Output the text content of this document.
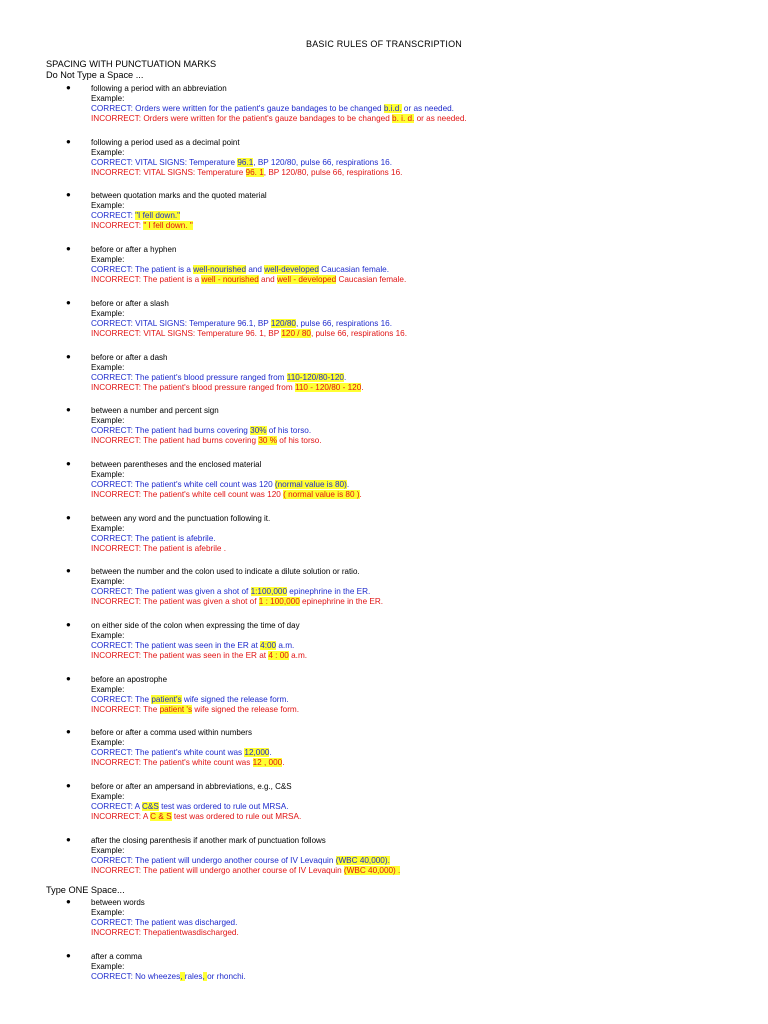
BASIC RULES OF TRANSCRIPTION
SPACING WITH PUNCTUATION MARKS
Do Not Type a Space ...
●	following a period with an abbreviation
Example:
CORRECT: Orders were written for the patient's gauze bandages to be changed b.i.d. or as needed.
INCORRECT: Orders were written for the patient's gauze bandages to be changed b. i. d. or as needed.
●	following a period used as a decimal point
Example:
CORRECT: VITAL SIGNS: Temperature 96.1, BP 120/80, pulse 66, respirations 16.
INCORRECT: VITAL SIGNS: Temperature 96. 1, BP 120/80, pulse 66, respirations 16.
●	between quotation marks and the quoted material
Example:
CORRECT: "I fell down."
INCORRECT: " I fell down. "
●	before or after a hyphen
Example:
CORRECT: The patient is a well-nourished and well-developed Caucasian female.
INCORRECT: The patient is a well - nourished and well - developed Caucasian female.
●	before or after a slash
Example:
CORRECT: VITAL SIGNS: Temperature 96.1, BP 120/80, pulse 66, respirations 16.
INCORRECT: VITAL SIGNS: Temperature 96. 1, BP 120 / 80, pulse 66, respirations 16.
●	before or after a dash
Example:
CORRECT: The patient's blood pressure ranged from 110-120/80-120.
INCORRECT: The patient's blood pressure ranged from 110 - 120/80 - 120.
●	between a number and percent sign
Example:
CORRECT: The patient had burns covering 30% of his torso.
INCORRECT: The patient had burns covering 30 % of his torso.
●	between parentheses and the enclosed material
Example:
CORRECT: The patient's white cell count was 120 (normal value is 80).
INCORRECT: The patient's white cell count was 120 ( normal value is 80 ).
●	between any word and the punctuation following it.
Example:
CORRECT: The patient is afebrile.
INCORRECT: The patient is afebrile .
●	between the number and the colon used to indicate a dilute solution or ratio.
Example:
CORRECT: The patient was given a shot of 1:100,000 epinephrine in the ER.
INCORRECT: The patient was given a shot of 1 : 100,000 epinephrine in the ER.
●	on either side of the colon when expressing the time of day
Example:
CORRECT: The patient was seen in the ER at 4:00 a.m.
INCORRECT: The patient was seen in the ER at 4 : 00 a.m.
●	before an apostrophe
Example:
CORRECT: The patient's wife signed the release form.
INCORRECT: The patient 's wife signed the release form.
●	before or after a comma used within numbers
Example:
CORRECT: The patient's white count was 12,000.
INCORRECT: The patient's white count was 12 , 000.
●	before or after an ampersand in abbreviations, e.g., C&S
Example:
CORRECT: A C&S test was ordered to rule out MRSA.
INCORRECT: A C & S test was ordered to rule out MRSA.
●	after the closing parenthesis if another mark of punctuation follows
Example:
CORRECT: The patient will undergo another course of IV Levaquin (WBC 40,000).
INCORRECT: The patient will undergo another course of IV Levaquin (WBC 40,000) .
Type ONE Space...
●	between words
Example:
CORRECT: The patient was discharged.
INCORRECT: Thepatientwasdischarged.
●	after a comma
Example:
CORRECT: No wheezes, rales, or rhonchi.
